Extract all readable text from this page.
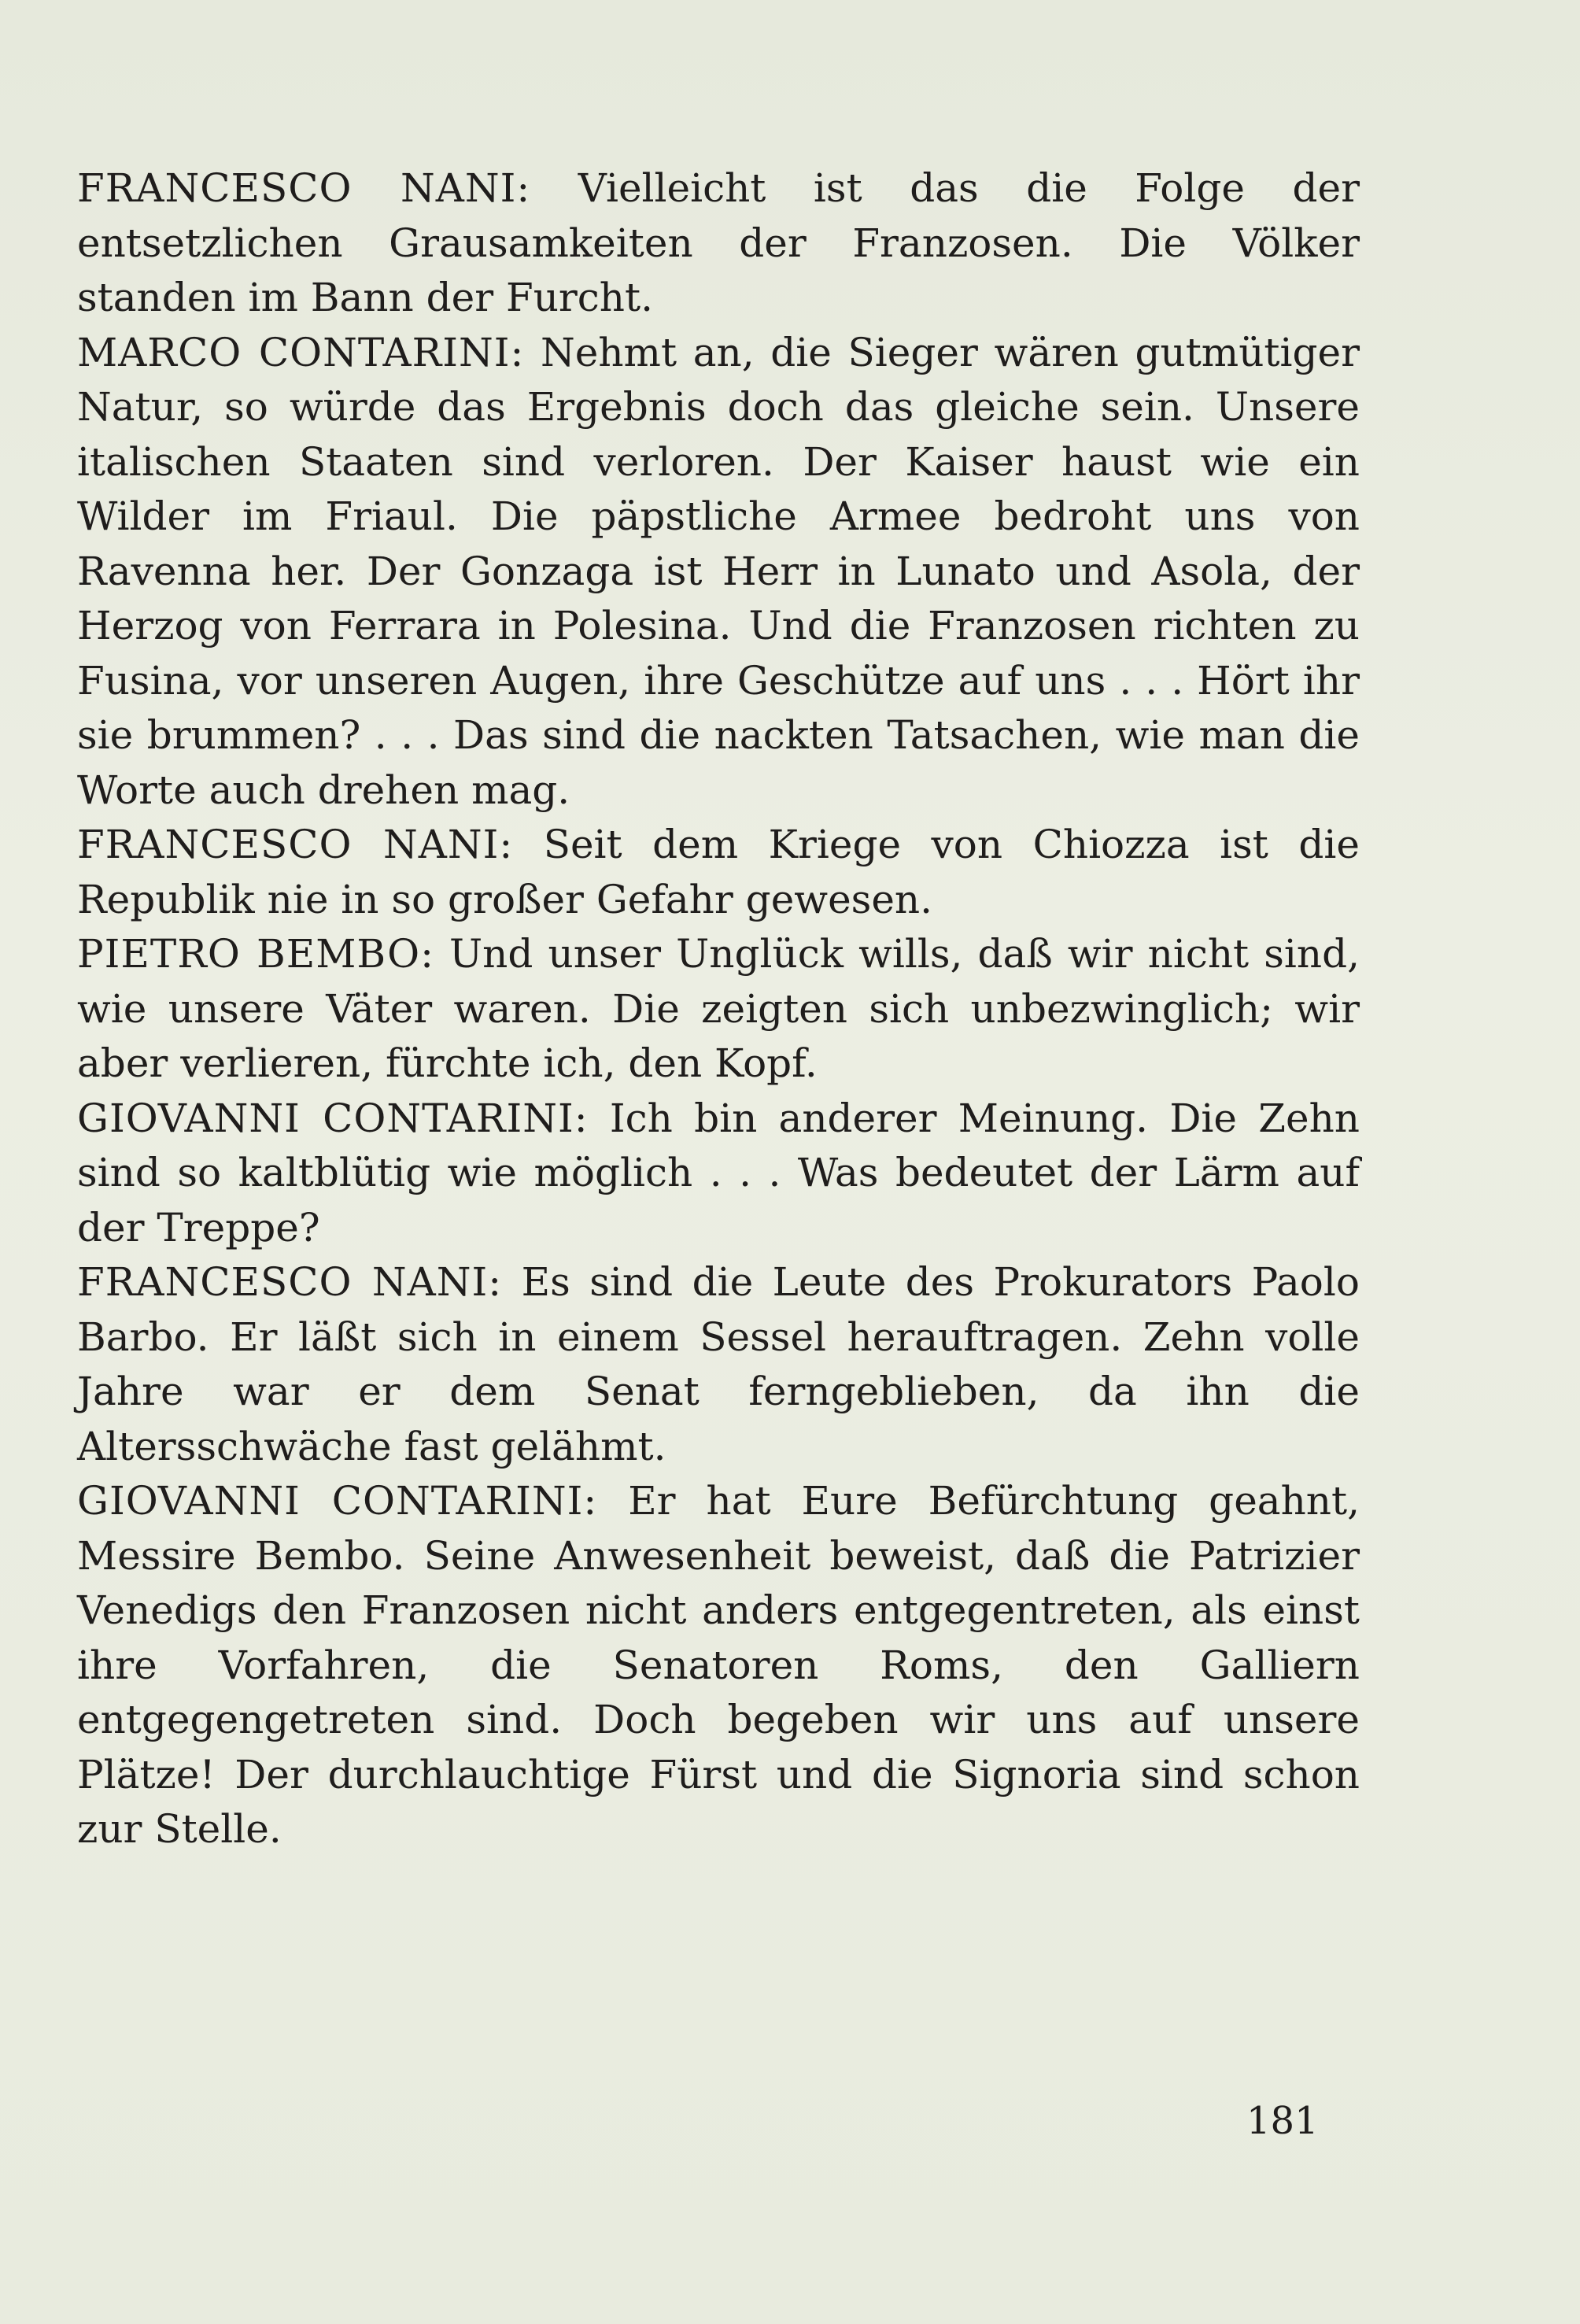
FRANCESCO NANI: Vielleicht ist das die Folge der entsetzlichen Grausamkeiten der Franzosen. Die Völker standen im Bann der Furcht.

MARCO CONTARINI: Nehmt an, die Sieger wären gutmütiger Natur, so würde das Ergebnis doch das gleiche sein. Unsere italischen Staaten sind verloren. Der Kaiser haust wie ein Wilder im Friaul. Die päpstliche Armee bedroht uns von Ravenna her. Der Gonzaga ist Herr in Lunato und Asola, der Herzog von Ferrara in Polesina. Und die Franzosen richten zu Fusina, vor unseren Augen, ihre Geschütze auf uns . . . Hört ihr sie brummen? . . . Das sind die nackten Tatsachen, wie man die Worte auch drehen mag.

FRANCESCO NANI: Seit dem Kriege von Chiozza ist die Republik nie in so großer Gefahr gewesen.

PIETRO BEMBO: Und unser Unglück wills, daß wir nicht sind, wie unsere Väter waren. Die zeigten sich unbezwinglich; wir aber verlieren, fürchte ich, den Kopf.

GIOVANNI CONTARINI: Ich bin anderer Meinung. Die Zehn sind so kaltblütig wie möglich . . . Was bedeutet der Lärm auf der Treppe?

FRANCESCO NANI: Es sind die Leute des Prokurators Paolo Barbo. Er läßt sich in einem Sessel herauftragen. Zehn volle Jahre war er dem Senat ferngeblieben, da ihn die Altersschwäche fast gelähmt.

GIOVANNI CONTARINI: Er hat Eure Befürchtung geahnt, Messire Bembo. Seine Anwesenheit beweist, daß die Patrizier Venedigs den Franzosen nicht anders entgegentreten, als einst ihre Vorfahren, die Senatoren Roms, den Galliern entgegengetreten sind. Doch begeben wir uns auf unsere Plätze! Der durchlauchtige Fürst und die Signoria sind schon zur Stelle.

181
